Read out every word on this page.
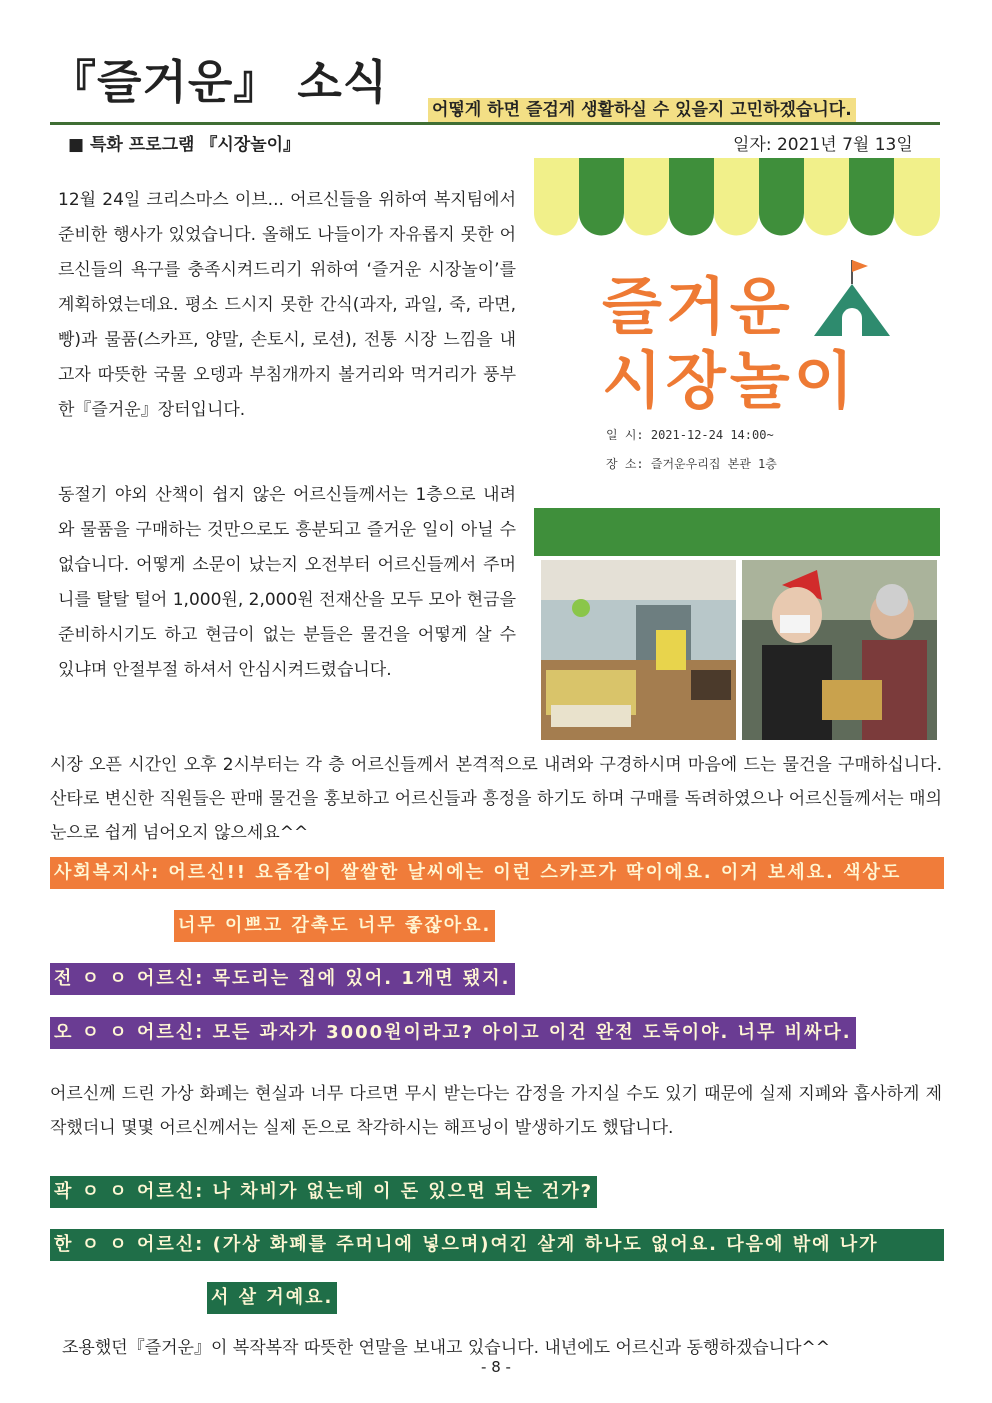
『즐거운』 소식
어떻게 하면 즐겁게 생활하실 수 있을지 고민하겠습니다.
■ 특화 프로그램 『시장놀이』	일자: 2021년 7월 13일

12월 24일 크리스마스 이브... 어르신들을 위하여 복지팀에서 준비한 행사가 있었습니다. 올해도 나들이가 자유롭지 못한 어르신들의 욕구를 충족시켜드리기 위하여 ‘즐거운 시장놀이’를 계획하였는데요. 평소 드시지 못한 간식(과자, 과일, 죽, 라면, 빵)과 물품(스카프, 양말, 손토시, 로션), 전통 시장 느낌을 내고자 따뜻한 국물 오뎅과 부침개까지 볼거리와 먹거리가 풍부한『즐거운』장터입니다.

동절기 야외 산책이 쉽지 않은 어르신들께서는 1층으로 내려와 물품을 구매하는 것만으로도 흥분되고 즐거운 일이 아닐 수 없습니다. 어떻게 소문이 났는지 오전부터 어르신들께서 주머니를 탈탈 털어 1,000원, 2,000원 전재산을 모두 모아 현금을 준비하시기도 하고 현금이 없는 분들은 물건을 어떻게 살 수 있냐며 안절부절 하셔서 안심시켜드렸습니다.

즐거운
시장놀이
일 시: 2021-12-24 14:00~
장 소: 즐거운우리집 본관 1층

시장 오픈 시간인 오후 2시부터는 각 층 어르신들께서 본격적으로 내려와 구경하시며 마음에 드는 물건을 구매하십니다. 산타로 변신한 직원들은 판매 물건을 홍보하고 어르신들과 흥정을 하기도 하며 구매를 독려하였으나 어르신들께서는 매의 눈으로 쉽게 넘어오지 않으세요^^

사회복지사: 어르신!! 요즘같이 쌀쌀한 날씨에는 이런 스카프가 딱이에요. 이거 보세요. 색상도
너무 이쁘고 감촉도 너무 좋잖아요.
전 ㅇ ㅇ 어르신: 목도리는 집에 있어. 1개면 됐지.
오 ㅇ ㅇ 어르신: 모든 과자가 3000원이라고? 아이고 이건 완전 도둑이야. 너무 비싸다.

어르신께 드린 가상 화폐는 현실과 너무 다르면 무시 받는다는 감정을 가지실 수도 있기 때문에 실제 지폐와 흡사하게 제작했더니 몇몇 어르신께서는 실제 돈으로 착각하시는 해프닝이 발생하기도 했답니다.

곽 ㅇ ㅇ 어르신: 나 차비가 없는데 이 돈 있으면 되는 건가?
한 ㅇ ㅇ 어르신: (가상 화폐를 주머니에 넣으며)여긴 살게 하나도 없어요. 다음에 밖에 나가
서 살 거예요.
조용했던『즐거운』이 복작복작 따뜻한 연말을 보내고 있습니다. 내년에도 어르신과 동행하겠습니다^^
- 8 -
